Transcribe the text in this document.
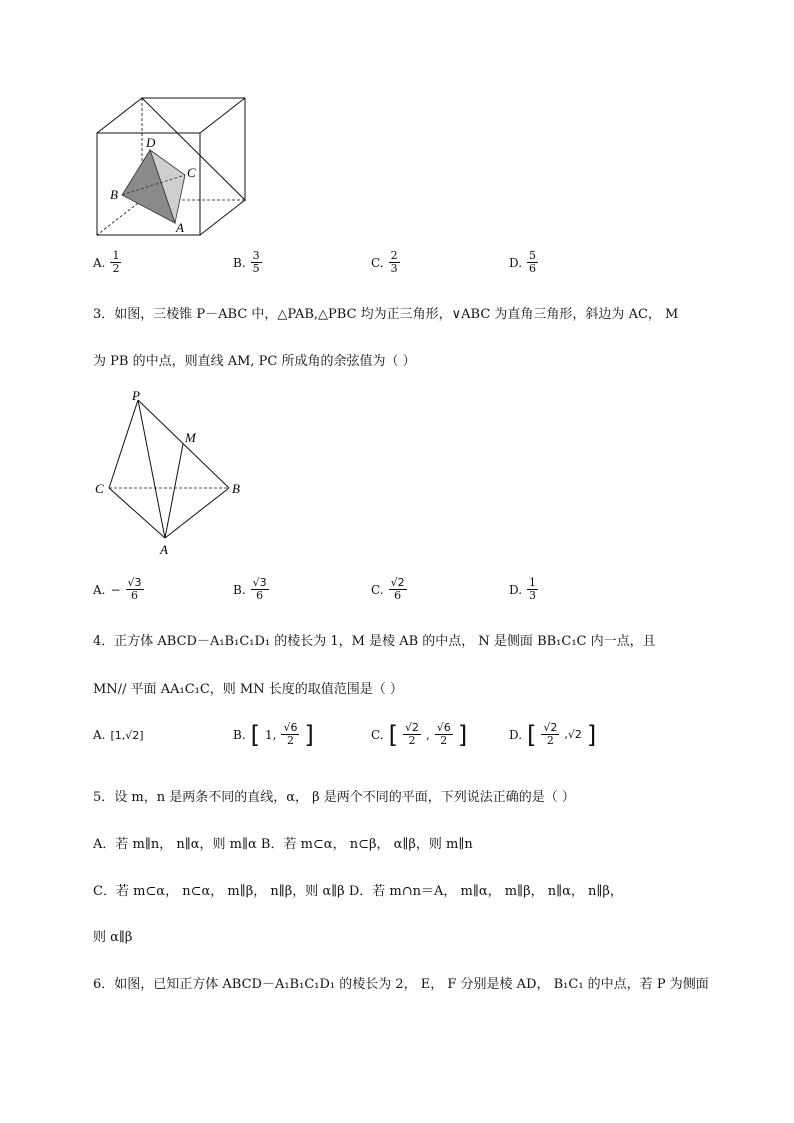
D
C
B
A
A. $\frac{1}{2}$	B. $\frac{3}{5}$	C. $\frac{2}{3}$	D. $\frac{5}{6}$
3．如图，三棱锥 P－ABC 中，△PAB,△PBC 均为正三角形，∨ABC 为直角三角形，斜边为 AC， M
为 PB 的中点，则直线 AM, PC 所成角的余弦值为（ ）
P
M
C	B
A
A. − $\frac{√3}{6}$	B. $\frac{√3}{6}$	C. $\frac{√2}{6}$	D. $\frac{1}{3}$
4．正方体 ABCD－A₁B₁C₁D₁ 的棱长为 1，M 是棱 AB 的中点， N 是侧面 BB₁C₁C 内一点，且
MN// 平面 AA₁C₁C，则 MN 长度的取值范围是（ ）
A. [1,√2]	B. [ 1, $\frac{√6}{2}$ ]	C. [ $\frac{√2}{2}$ , $\frac{√6}{2}$ ]	D. [ $\frac{√2}{2} ,√2$ ]
5．设 m，n 是两条不同的直线，α， β 是两个不同的平面，下列说法正确的是（ ）
A．若 m∥n， n∥α，则 m∥α B．若 m⊂α， n⊂β， α∥β，则 m∥n
C．若 m⊂α， n⊂α， m∥β， n∥β，则 α∥β D．若 m∩n＝A， m∥α， m∥β， n∥α， n∥β，
则 α∥β
6．如图，已知正方体 ABCD－A₁B₁C₁D₁ 的棱长为 2， E， F 分别是棱 AD， B₁C₁ 的中点，若 P 为侧面
